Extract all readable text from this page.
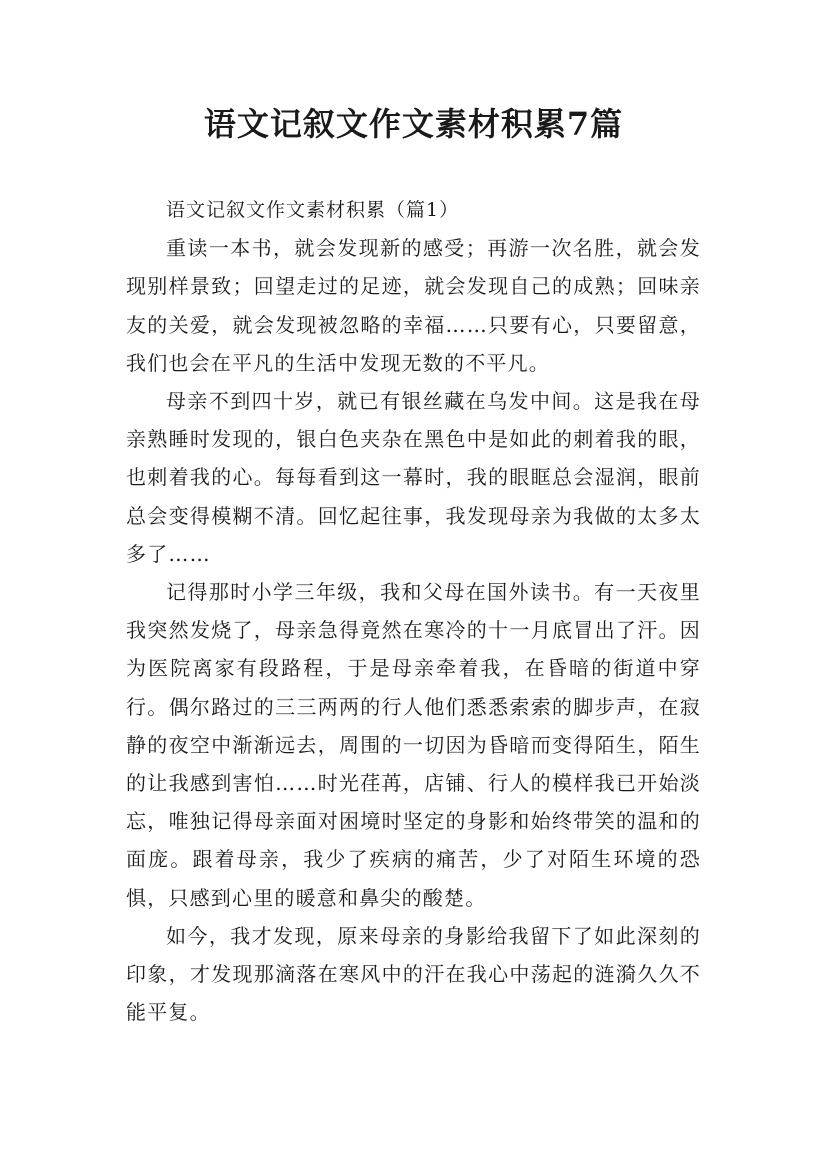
语文记叙文作文素材积累7篇

语文记叙文作文素材积累（篇1）

重读一本书，就会发现新的感受；再游一次名胜，就会发现别样景致；回望走过的足迹，就会发现自己的成熟；回味亲友的关爱，就会发现被忽略的幸福……只要有心，只要留意，我们也会在平凡的生活中发现无数的不平凡。

母亲不到四十岁，就已有银丝藏在乌发中间。这是我在母亲熟睡时发现的，银白色夹杂在黑色中是如此的刺着我的眼，也刺着我的心。每每看到这一幕时，我的眼眶总会湿润，眼前总会变得模糊不清。回忆起往事，我发现母亲为我做的太多太多了……

记得那时小学三年级，我和父母在国外读书。有一天夜里我突然发烧了，母亲急得竟然在寒冷的十一月底冒出了汗。因为医院离家有段路程，于是母亲牵着我，在昏暗的街道中穿行。偶尔路过的三三两两的行人他们悉悉索索的脚步声，在寂静的夜空中渐渐远去，周围的一切因为昏暗而变得陌生，陌生的让我感到害怕……时光荏苒，店铺、行人的模样我已开始淡忘，唯独记得母亲面对困境时坚定的身影和始终带笑的温和的面庞。跟着母亲，我少了疾病的痛苦，少了对陌生环境的恐惧，只感到心里的暖意和鼻尖的酸楚。

如今，我才发现，原来母亲的身影给我留下了如此深刻的印象，才发现那滴落在寒风中的汗在我心中荡起的涟漪久久不能平复。
